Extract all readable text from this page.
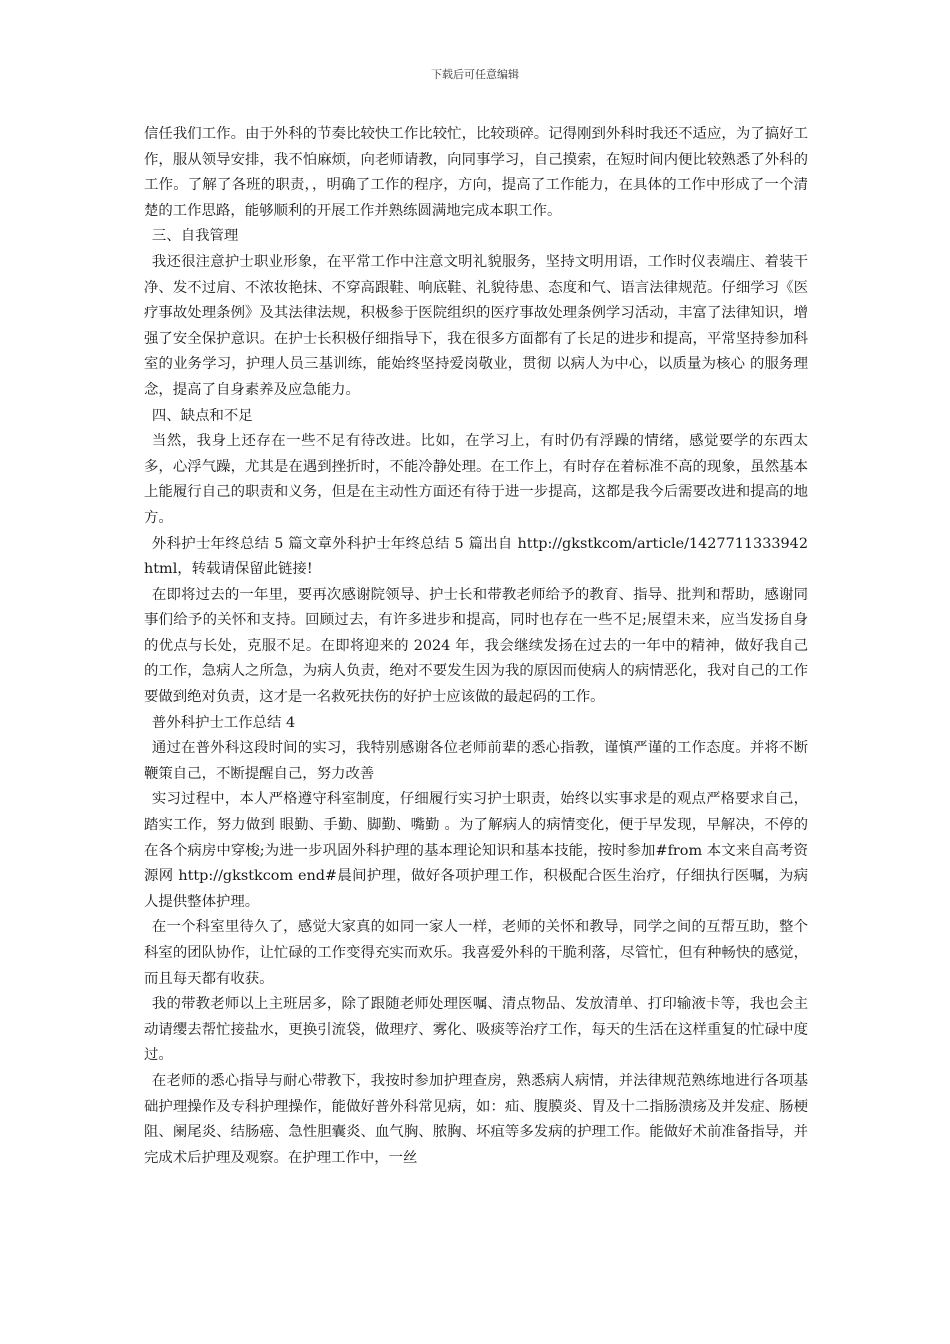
下载后可任意编辑

信任我们工作。由于外科的节奏比较快工作比较忙，比较琐碎。记得刚到外科时我还不适应，为了搞好工作，服从领导安排，我不怕麻烦，向老师请教，向同事学习，自己摸索，在短时间内便比较熟悉了外科的工作。了解了各班的职责，，明确了工作的程序，方向，提高了工作能力，在具体的工作中形成了一个清楚的工作思路，能够顺利的开展工作并熟练圆满地完成本职工作。

三、自我管理

我还很注意护士职业形象，在平常工作中注意文明礼貌服务，坚持文明用语，工作时仪表端庄、着装干净、发不过肩、不浓妆艳抹、不穿高跟鞋、响底鞋、礼貌待患、态度和气、语言法律规范。仔细学习《医疗事故处理条例》及其法律法规，积极参于医院组织的医疗事故处理条例学习活动，丰富了法律知识，增强了安全保护意识。在护士长积极仔细指导下，我在很多方面都有了长足的进步和提高，平常坚持参加科室的业务学习，护理人员三基训练，能始终坚持爱岗敬业，贯彻 以病人为中心，以质量为核心 的服务理念，提高了自身素养及应急能力。

四、缺点和不足

当然，我身上还存在一些不足有待改进。比如，在学习上，有时仍有浮躁的情绪，感觉要学的东西太多，心浮气躁，尤其是在遇到挫折时，不能冷静处理。在工作上，有时存在着标准不高的现象，虽然基本上能履行自己的职责和义务，但是在主动性方面还有待于进一步提高，这都是我今后需要改进和提高的地方。

外科护士年终总结 5 篇文章外科护士年终总结 5 篇出自 http://gkstkcom/article/1427711333942html，转载请保留此链接!

在即将过去的一年里，要再次感谢院领导、护士长和带教老师给予的教育、指导、批判和帮助，感谢同事们给予的关怀和支持。回顾过去，有许多进步和提高，同时也存在一些不足;展望未来，应当发扬自身的优点与长处，克服不足。在即将迎来的 2024 年，我会继续发扬在过去的一年中的精神，做好我自己的工作，急病人之所急，为病人负责，绝对不要发生因为我的原因而使病人的病情恶化，我对自己的工作要做到绝对负责，这才是一名救死扶伤的好护士应该做的最起码的工作。

普外科护士工作总结 4

通过在普外科这段时间的实习，我特别感谢各位老师前辈的悉心指教，谨慎严谨的工作态度。并将不断鞭策自己，不断提醒自己，努力改善

实习过程中，本人严格遵守科室制度，仔细履行实习护士职责，始终以实事求是的观点严格要求自己，踏实工作，努力做到 眼勤、手勤、脚勤、嘴勤 。为了解病人的病情变化，便于早发现，早解决，不停的在各个病房中穿梭;为进一步巩固外科护理的基本理论知识和基本技能，按时参加#from 本文来自高考资源网 http://gkstkcom end#晨间护理，做好各项护理工作，积极配合医生治疗，仔细执行医嘱，为病人提供整体护理。

在一个科室里待久了，感觉大家真的如同一家人一样，老师的关怀和教导，同学之间的互帮互助，整个科室的团队协作，让忙碌的工作变得充实而欢乐。我喜爱外科的干脆利落，尽管忙，但有种畅快的感觉，而且每天都有收获。

我的带教老师以上主班居多，除了跟随老师处理医嘱、清点物品、发放清单、打印输液卡等，我也会主动请缨去帮忙接盐水，更换引流袋，做理疗、雾化、吸痰等治疗工作，每天的生活在这样重复的忙碌中度过。

在老师的悉心指导与耐心带教下，我按时参加护理查房，熟悉病人病情，并法律规范熟练地进行各项基础护理操作及专科护理操作，能做好普外科常见病，如：疝、腹膜炎、胃及十二指肠溃疡及并发症、肠梗阻、阑尾炎、结肠癌、急性胆囊炎、血气胸、脓胸、坏疽等多发病的护理工作。能做好术前准备指导，并完成术后护理及观察。在护理工作中，一丝
